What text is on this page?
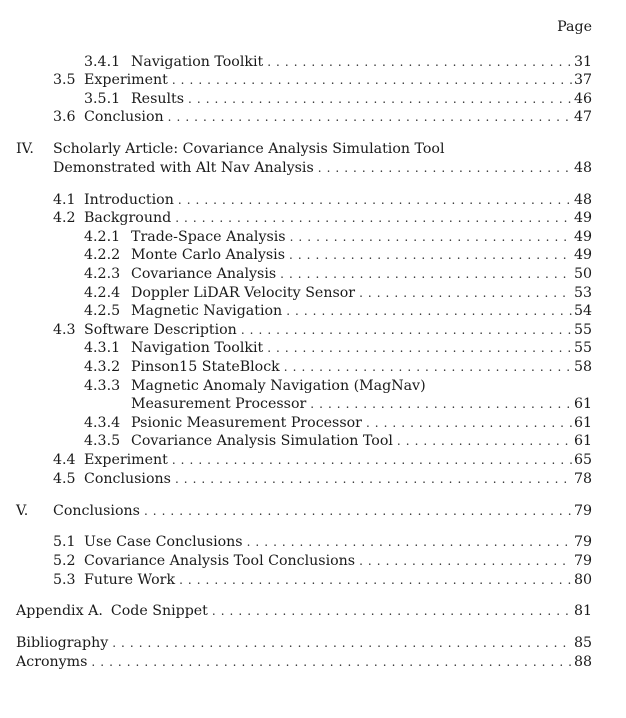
Page
3.4.1 Navigation Toolkit . . .	31
3.5 Experiment . . .	37
3.5.1 Results . . .	46
3.6 Conclusion . . .	47
IV. Scholarly Article: Covariance Analysis Simulation Tool
Demonstrated with Alt Nav Analysis . . .	48
4.1 Introduction . . .	48
4.2 Background . . .	49
4.2.1 Trade-Space Analysis . . .	49
4.2.2 Monte Carlo Analysis . . .	49
4.2.3 Covariance Analysis . . .	50
4.2.4 Doppler LiDAR Velocity Sensor . . .	53
4.2.5 Magnetic Navigation . . .	54
4.3 Software Description . . .	55
4.3.1 Navigation Toolkit . . .	55
4.3.2 Pinson15 StateBlock . . .	58
4.3.3 Magnetic Anomaly Navigation (MagNav)
Measurement Processor . . .	61
4.3.4 Psionic Measurement Processor . . .	61
4.3.5 Covariance Analysis Simulation Tool . . .	61
4.4 Experiment . . .	65
4.5 Conclusions . . .	78
V.	Conclusions . . .	79
5.1 Use Case Conclusions . . .	79
5.2 Covariance Analysis Tool Conclusions . . .	79
5.3 Future Work . . .	80
Appendix A. Code Snippet . . .	81
Bibliography . . .	85
Acronyms . . .	88
